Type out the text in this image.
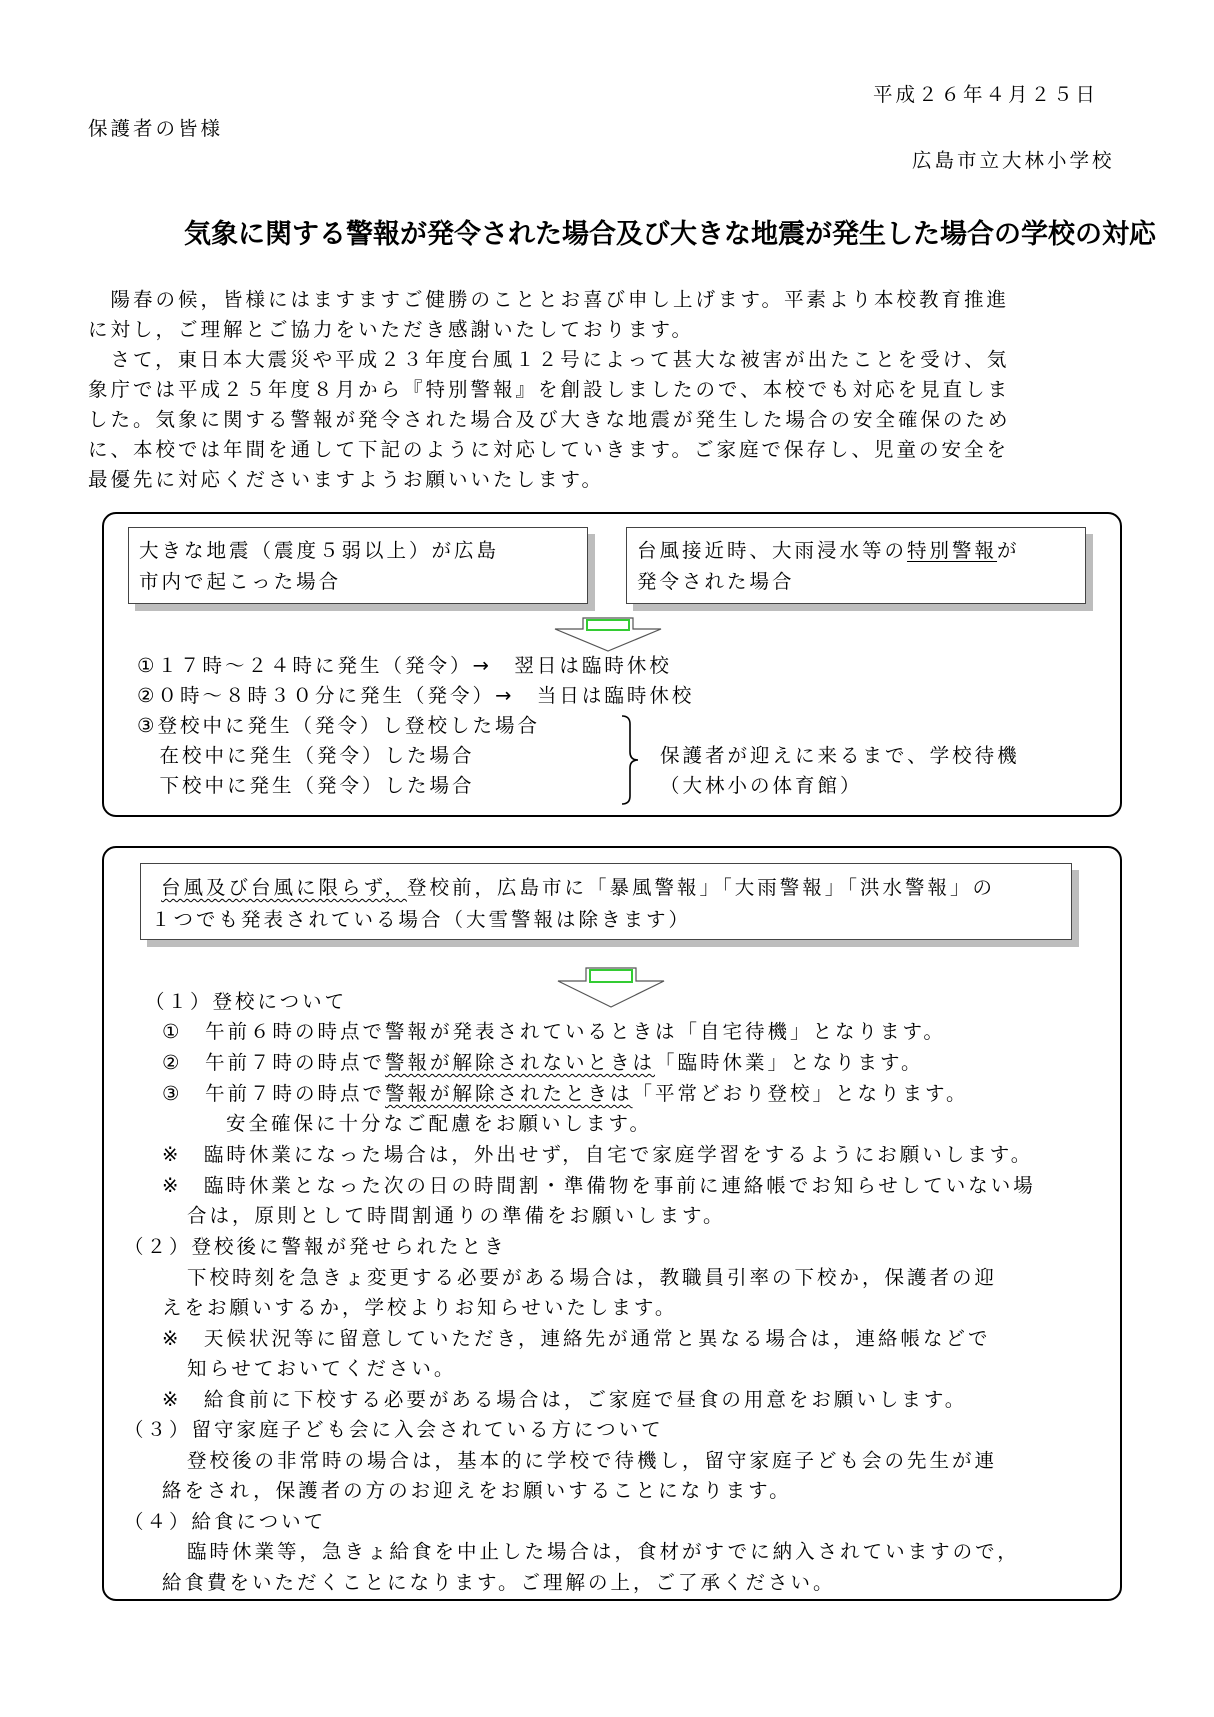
平成２６年４月２５日
保護者の皆様
広島市立大林小学校
気象に関する警報が発令された場合及び大きな地震が発生した場合の学校の対応
　陽春の候，皆様にはますますご健勝のこととお喜び申し上げます。平素より本校教育推進
に対し，ご理解とご協力をいただき感謝いたしております。
　さて，東日本大震災や平成２３年度台風１２号によって甚大な被害が出たことを受け、気
象庁では平成２５年度８月から『特別警報』を創設しましたので、本校でも対応を見直しま
した。気象に関する警報が発令された場合及び大きな地震が発生した場合の安全確保のため
に、本校では年間を通して下記のように対応していきます。ご家庭で保存し、児童の安全を
最優先に対応くださいますようお願いいたします。
大きな地震（震度５弱以上）が広島
市内で起こった場合
台風接近時、大雨浸水等の特別警報が
発令された場合
①１７時～２４時に発生（発令）→　翌日は臨時休校
②０時～８時３０分に発生（発令）→　当日は臨時休校
③登校中に発生（発令）し登校した場合
　在校中に発生（発令）した場合
　下校中に発生（発令）した場合
保護者が迎えに来るまで、学校待機
（大林小の体育館）
台風及び台風に限らず，登校前，広島市に「暴風警報」「大雨警報」「洪水警報」の
１つでも発表されている場合（大雪警報は除きます）
（１）登校について
①　午前６時の時点で警報が発表されているときは「自宅待機」となります。
②　午前７時の時点で警報が解除されないときは「臨時休業」となります。
③　午前７時の時点で警報が解除されたときは「平常どおり登校」となります。
安全確保に十分なご配慮をお願いします。
※　臨時休業になった場合は，外出せず，自宅で家庭学習をするようにお願いします。
※　臨時休業となった次の日の時間割・準備物を事前に連絡帳でお知らせしていない場
合は，原則として時間割通りの準備をお願いします。
（２）登校後に警報が発せられたとき
下校時刻を急きょ変更する必要がある場合は，教職員引率の下校か，保護者の迎
えをお願いするか，学校よりお知らせいたします。
※　天候状況等に留意していただき，連絡先が通常と異なる場合は，連絡帳などで
知らせておいてください。
※　給食前に下校する必要がある場合は，ご家庭で昼食の用意をお願いします。
（３）留守家庭子ども会に入会されている方について
登校後の非常時の場合は，基本的に学校で待機し，留守家庭子ども会の先生が連
絡をされ，保護者の方のお迎えをお願いすることになります。
（４）給食について
臨時休業等，急きょ給食を中止した場合は，食材がすでに納入されていますので，
給食費をいただくことになります。ご理解の上，ご了承ください。
